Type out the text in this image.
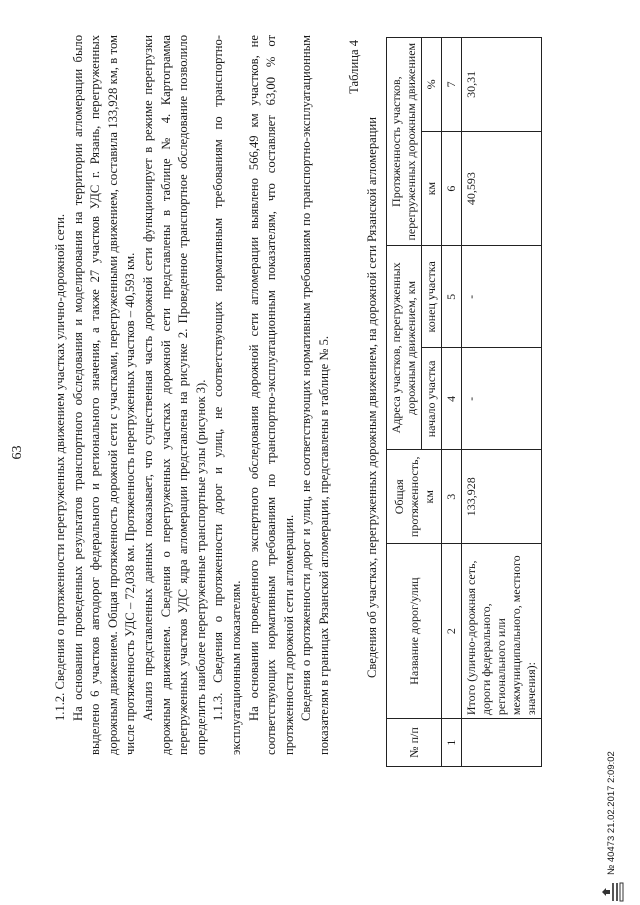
63 1.1.2. Сведения о протяженности перегруженных движением участках улично-дорожной сети. На основании проведенных результатов транспортного обследования и моделирования на территории агломерации было выделено 6 участков автодорог федерального и регионального значения, а также 27 участков УДС г. Рязань, перегруженных дорожным движением. Общая протяженность дорожной сети с участками, перегруженными движением, составила 133,928 км, в том числе протяженность УДС – 72,038 км. Протяженность перегруженных участков – 40,593 км. Анализ представленных данных показывает, что существенная часть дорожной сети функционирует в режиме перегрузки дорожным движением. Сведения о перегруженных участках дорожной сети представлены в таблице № 4. Картограмма перегруженных участков УДС ядра агломерации представлена на рисунке 2. Проведенное транспортное обследование позволило определить наиболее перегруженные транспортные узлы (рисунок 3). 1.1.3. Сведения о протяженности дорог и улиц, не соответствующих нормативным требованиям по транспортно-эксплуатационным показателям. На основании проведенного экспертного обследования дорожной сети агломерации выявлено 566,49 км участков, не соответствующих нормативным требованиям по транспортно-эксплуатационным показателям, что составляет 63,00 % от протяженности дорожной сети агломерации. Сведения о протяженности дорог и улиц, не соответствующих нормативным требованиям по транспортно-эксплуатационным показателям в границах Рязанской агломерации, представлены в таблице № 5.

Таблица 4
Сведения об участках, перегруженных дорожным движением, на дорожной сети Рязанской агломерации
№ п/п	Название дорог/улиц	Общая протяженность, км	Адреса участков, перегруженных дорожным движением, км		Протяженность участков, перегруженных дорожным движением	
			начало участка	конец участка	км	%
1	2	3	4	5	6	7
	Итого (улично-дорожная сеть, дороги федерального, регионального или межмуниципального, местного значения):	133,928	-	-	40,593	30,31
№ 40473 21.02.2017 2:09:02
